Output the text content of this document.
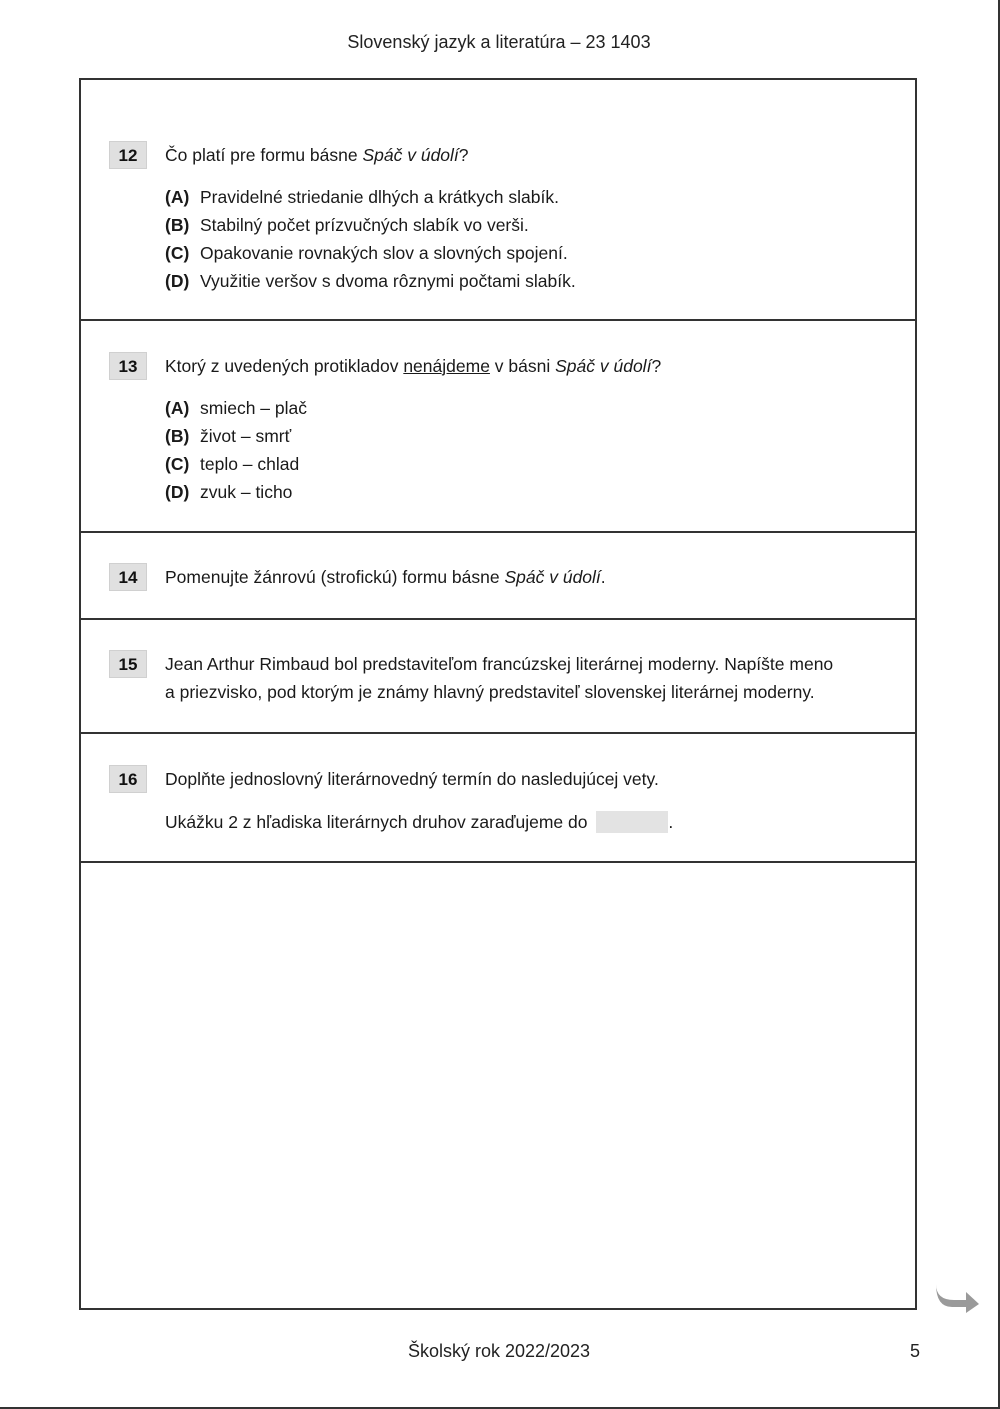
Slovenský jazyk a literatúra – 23 1403
12	Čo platí pre formu básne Spáč v údolí?
(A) Pravidelné striedanie dlhých a krátkych slabík.
(B) Stabilný počet prízvučných slabík vo verši.
(C) Opakovanie rovnakých slov a slovných spojení.
(D) Využitie veršov s dvoma rôznymi počtami slabík.
13	Ktorý z uvedených protikladov nenájdeme v básni Spáč v údolí?
(A) smiech – plač
(B) život – smrť
(C) teplo – chlad
(D) zvuk – ticho
14	Pomenujte žánrovú (strofickú) formu básne Spáč v údolí.
15	Jean Arthur Rimbaud bol predstaviteľom francúzskej literárnej moderny. Napíšte meno
a priezvisko, pod ktorým je známy hlavný predstaviteľ slovenskej literárnej moderny.
16	Doplňte jednoslovný literárnovedný termín do nasledujúcej vety.
Ukážku 2 z hľadiska literárnych druhov zaraďujeme do	.
Školský rok 2022/2023	5
